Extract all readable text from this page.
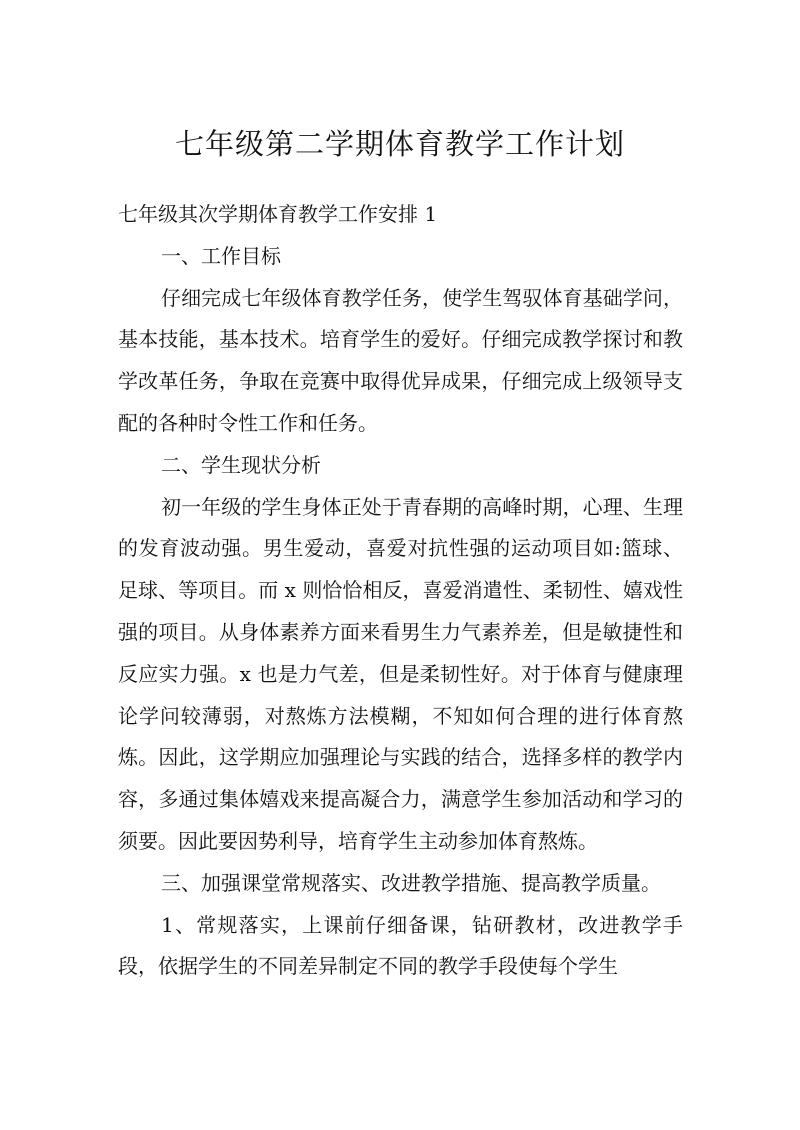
七年级第二学期体育教学工作计划

七年级其次学期体育教学工作安排 1

一、工作目标

仔细完成七年级体育教学任务，使学生驾驭体育基础学问，基本技能，基本技术。培育学生的爱好。仔细完成教学探讨和教学改革任务，争取在竞赛中取得优异成果，仔细完成上级领导支配的各种时令性工作和任务。

二、学生现状分析

初一年级的学生身体正处于青春期的高峰时期，心理、生理的发育波动强。男生爱动，喜爱对抗性强的运动项目如:篮球、足球、等项目。而 x 则恰恰相反，喜爱消遣性、柔韧性、嬉戏性强的项目。从身体素养方面来看男生力气素养差，但是敏捷性和反应实力强。x 也是力气差，但是柔韧性好。对于体育与健康理论学问较薄弱，对熬炼方法模糊，不知如何合理的进行体育熬炼。因此，这学期应加强理论与实践的结合，选择多样的教学内容，多通过集体嬉戏来提高凝合力，满意学生参加活动和学习的须要。因此要因势利导，培育学生主动参加体育熬炼。

三、加强课堂常规落实、改进教学措施、提高教学质量。

1、常规落实，上课前仔细备课，钻研教材，改进教学手段，依据学生的不同差异制定不同的教学手段使每个学生
